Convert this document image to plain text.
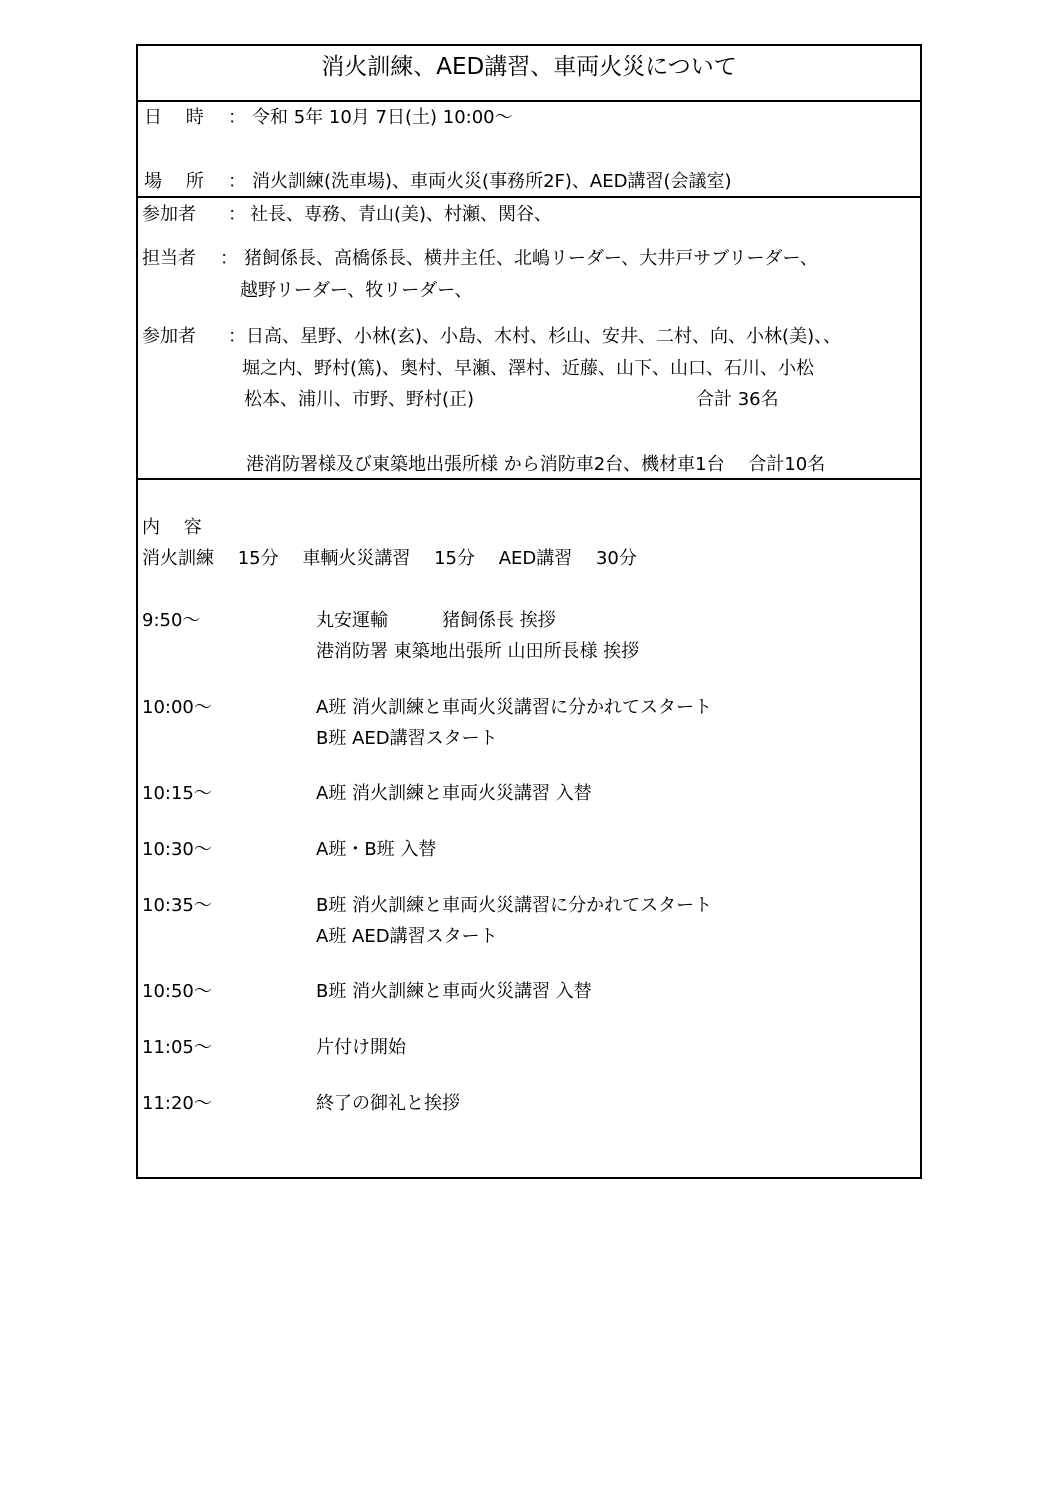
消火訓練、AED講習、車両火災について
日　 時 ： 令和 5年 10月 7日(土) 10:00〜
場　 所 ： 消火訓練(洗車場)、車両火災(事務所2F)、AED講習(会議室)
参加者 ： 社長、専務、青山(美)、村瀬、関谷、
担当者 ： 猪飼係長、高橋係長、横井主任、北嶋リーダー、大井戸サブリーダー、
越野リーダー、牧リーダー、
参加者 ： 日高、星野、小林(玄)、小島、木村、杉山、安井、二村、向、小林(美)、、
堀之内、野村(篤)、奥村、早瀬、澤村、近藤、山下、山口、石川、小松
松本、浦川、市野、野村(正)	合計 36名
港消防署様及び東築地出張所様 から消防車2台、機材車1台　 合計10名
内　 容
消火訓練　 15分　 車輌火災講習　 15分　 AED講習　 30分
9:50〜	丸安運輸　　　猪飼係長 挨拶
港消防署 東築地出張所 山田所長様 挨拶
10:00〜	A班 消火訓練と車両火災講習に分かれてスタート
B班 AED講習スタート
10:15〜	A班 消火訓練と車両火災講習 入替
10:30〜	A班・B班 入替
10:35〜	B班 消火訓練と車両火災講習に分かれてスタート
A班 AED講習スタート
10:50〜	B班 消火訓練と車両火災講習 入替
11:05〜	片付け開始
11:20〜	終了の御礼と挨拶
